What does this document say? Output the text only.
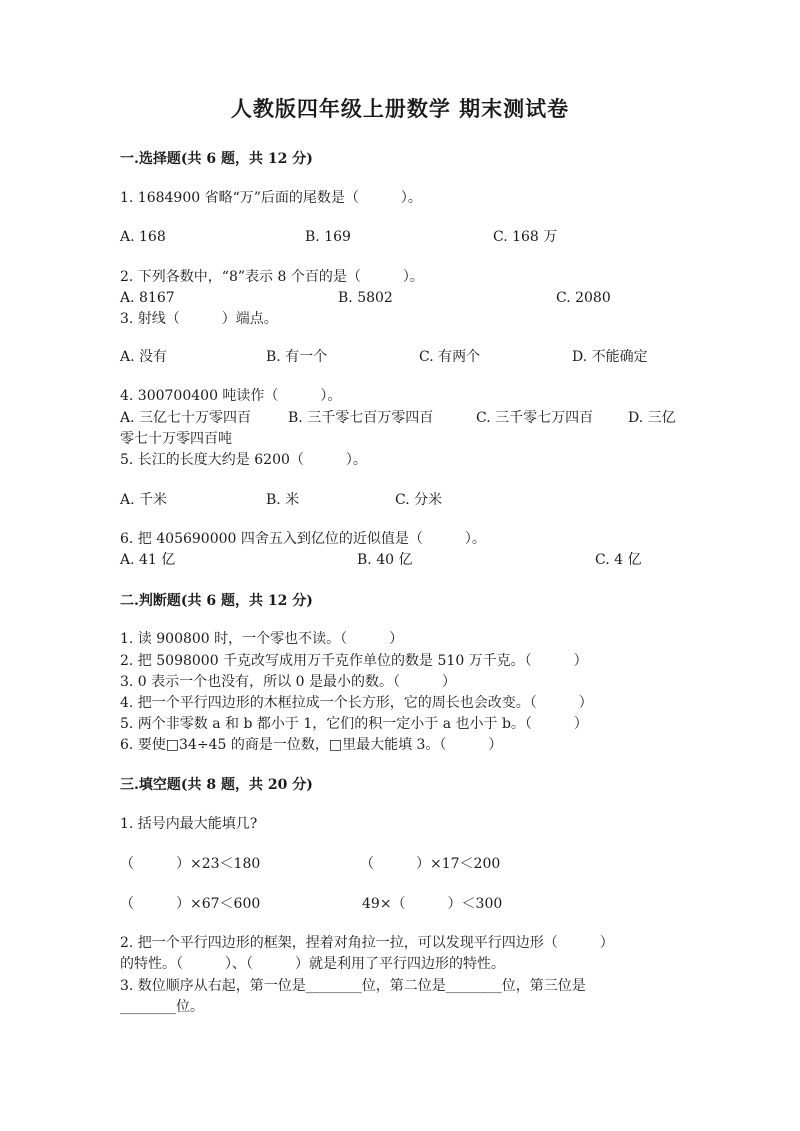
人教版四年级上册数学 期末测试卷
一.选择题(共 6 题，共 12 分)
1. 1684900 省略“万”后面的尾数是（　　　）。
A. 168	B. 169	C. 168 万
2. 下列各数中，“8”表示 8 个百的是（　　　）。
A. 8167	B. 5802	C. 2080
3. 射线（　　　）端点。
A. 没有	B. 有一个	C. 有两个	D. 不能确定
4. 300700400 吨读作（　　　）。
A. 三亿七十万零四百	B. 三千零七百万零四百	C. 三千零七万四百 D. 三亿
零七十万零四百吨
5. 长江的长度大约是 6200（　　　）。
A. 千米	B. 米	C. 分米
6. 把 405690000 四舍五入到亿位的近似值是（　　　）。
A. 41 亿	B. 40 亿	C. 4 亿
二.判断题(共 6 题，共 12 分)
1. 读 900800 时，一个零也不读。（　　　）
2. 把 5098000 千克改写成用万千克作单位的数是 510 万千克。（　　　）
3. 0 表示一个也没有，所以 0 是最小的数。（　　　）
4. 把一个平行四边形的木框拉成一个长方形，它的周长也会改变。（　　　）
5. 两个非零数 a 和 b 都小于 1，它们的积一定小于 a 也小于 b。（　　　）
6. 要使□34÷45 的商是一位数，□里最大能填 3。（　　　）
三.填空题(共 8 题，共 20 分)
1. 括号内最大能填几?
（　　　）×23＜180	（　　　）×17＜200
（　　　）×67＜600	49×（　　　）＜300
2. 把一个平行四边形的框架，捏着对角拉一拉，可以发现平行四边形（　　　）
的特性。（　　　）、（　　　）就是利用了平行四边形的特性。
3. 数位顺序从右起，第一位是________位，第二位是________位，第三位是
________位。
